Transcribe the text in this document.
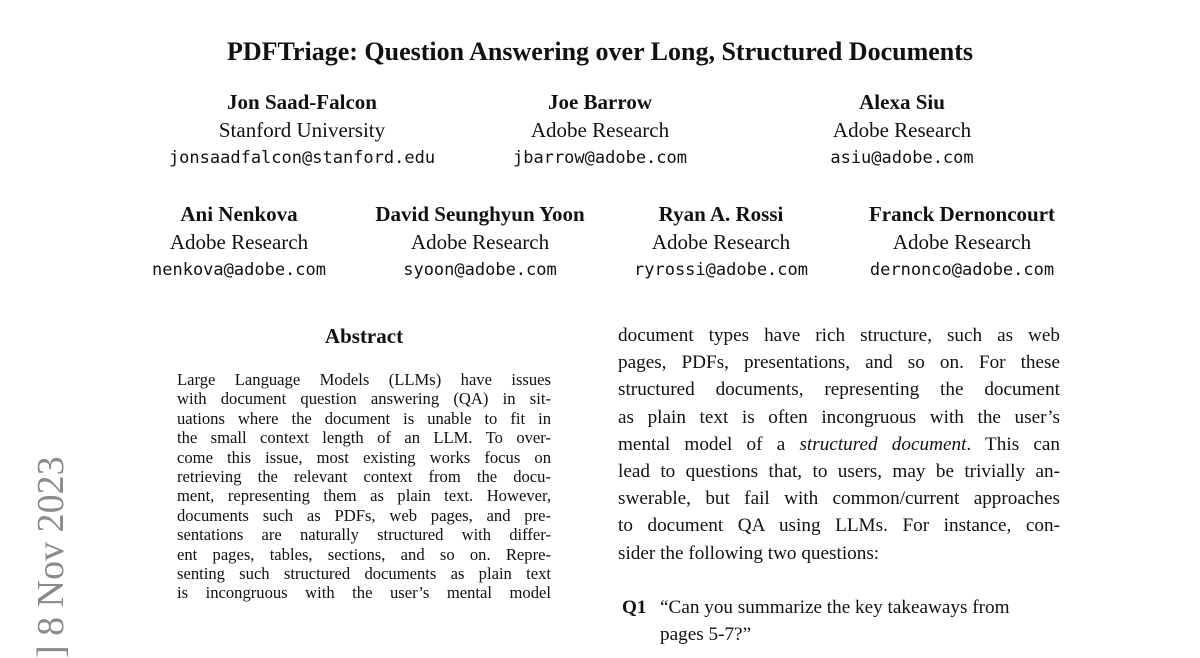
PDFTriage: Question Answering over Long, Structured Documents
Jon Saad-Falcon
Stanford University
jonsaadfalcon@stanford.edu
Joe Barrow
Adobe Research
jbarrow@adobe.com
Alexa Siu
Adobe Research
asiu@adobe.com
Ani Nenkova
Adobe Research
nenkova@adobe.com
David Seunghyun Yoon
Adobe Research
syoon@adobe.com
Ryan A. Rossi
Adobe Research
ryrossi@adobe.com
Franck Dernoncourt
Adobe Research
dernonco@adobe.com
] 8 Nov 2023
Abstract
Large Language Models (LLMs) have issues
with document question answering (QA) in sit-
uations where the document is unable to fit in
the small context length of an LLM. To over-
come this issue, most existing works focus on
retrieving the relevant context from the docu-
ment, representing them as plain text. However,
documents such as PDFs, web pages, and pre-
sentations are naturally structured with differ-
ent pages, tables, sections, and so on. Repre-
senting such structured documents as plain text
is incongruous with the user’s mental model
document types have rich structure, such as web
pages, PDFs, presentations, and so on. For these
structured documents, representing the document
as plain text is often incongruous with the user’s
mental model of a structured document. This can
lead to questions that, to users, may be trivially an-
swerable, but fail with common/current approaches
to document QA using LLMs. For instance, con-
sider the following two questions:
Q1 “Can you summarize the key takeaways from
pages 5-7?”
